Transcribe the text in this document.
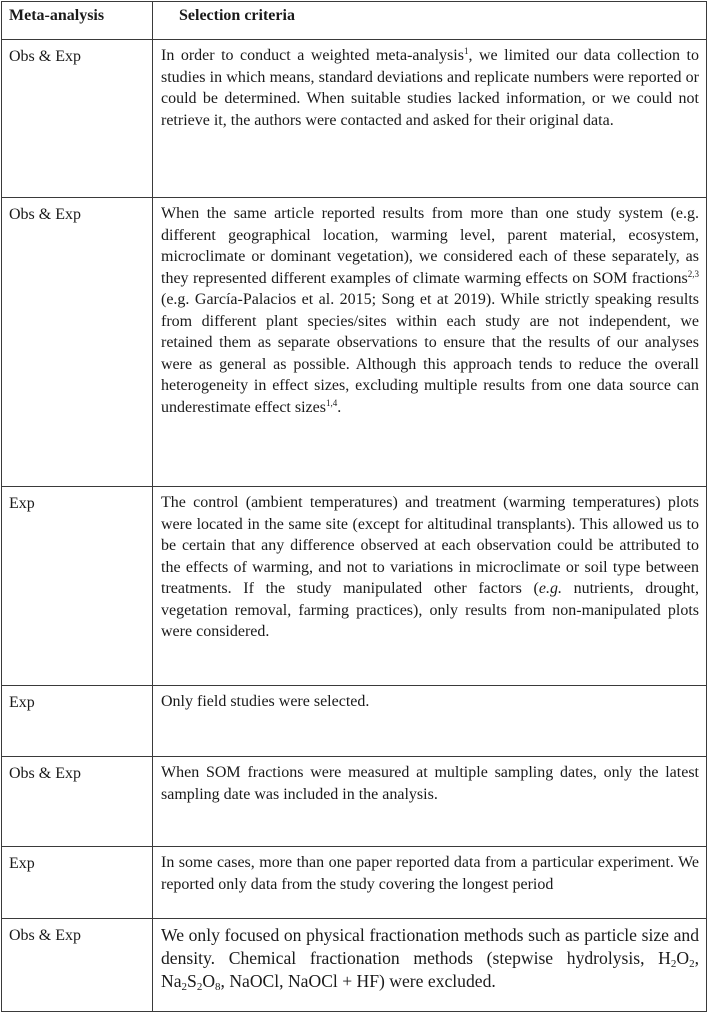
Meta-analysis	Selection criteria
Obs & Exp	In order to conduct a weighted meta-analysis$^1$, we limited our data collection to studies in which means, standard deviations and replicate numbers were reported or could be determined. When suitable studies lacked information, or we could not retrieve it, the authors were contacted and asked for their original data.
Obs & Exp	When the same article reported results from more than one study system (e.g. different geographical location, warming level, parent material, ecosystem, microclimate or dominant vegetation), we considered each of these separately, as they represented different examples of climate warming effects on SOM fractions$^{2,3}$ (e.g. García-Palacios et al. 2015; Song et at 2019). While strictly speaking results from different plant species/sites within each study are not independent, we retained them as separate observations to ensure that the results of our analyses were as general as possible. Although this approach tends to reduce the overall heterogeneity in effect sizes, excluding multiple results from one data source can underestimate effect sizes$^{1,4}$.
Exp	The control (ambient temperatures) and treatment (warming temperatures) plots were located in the same site (except for altitudinal transplants). This allowed us to be certain that any difference observed at each observation could be attributed to the effects of warming, and not to variations in microclimate or soil type between treatments. If the study manipulated other factors (e.g. nutrients, drought, vegetation removal, farming practices), only results from non-manipulated plots were considered.
Exp	Only field studies were selected.
Obs & Exp	When SOM fractions were measured at multiple sampling dates, only the latest sampling date was included in the analysis.
Exp	In some cases, more than one paper reported data from a particular experiment. We reported only data from the study covering the longest period
Obs & Exp	We only focused on physical fractionation methods such as particle size and density. Chemical fractionation methods (stepwise hydrolysis, $H_2O_2$, $Na_2S_2O_8$, NaOCl, NaOCl + HF) were excluded.
